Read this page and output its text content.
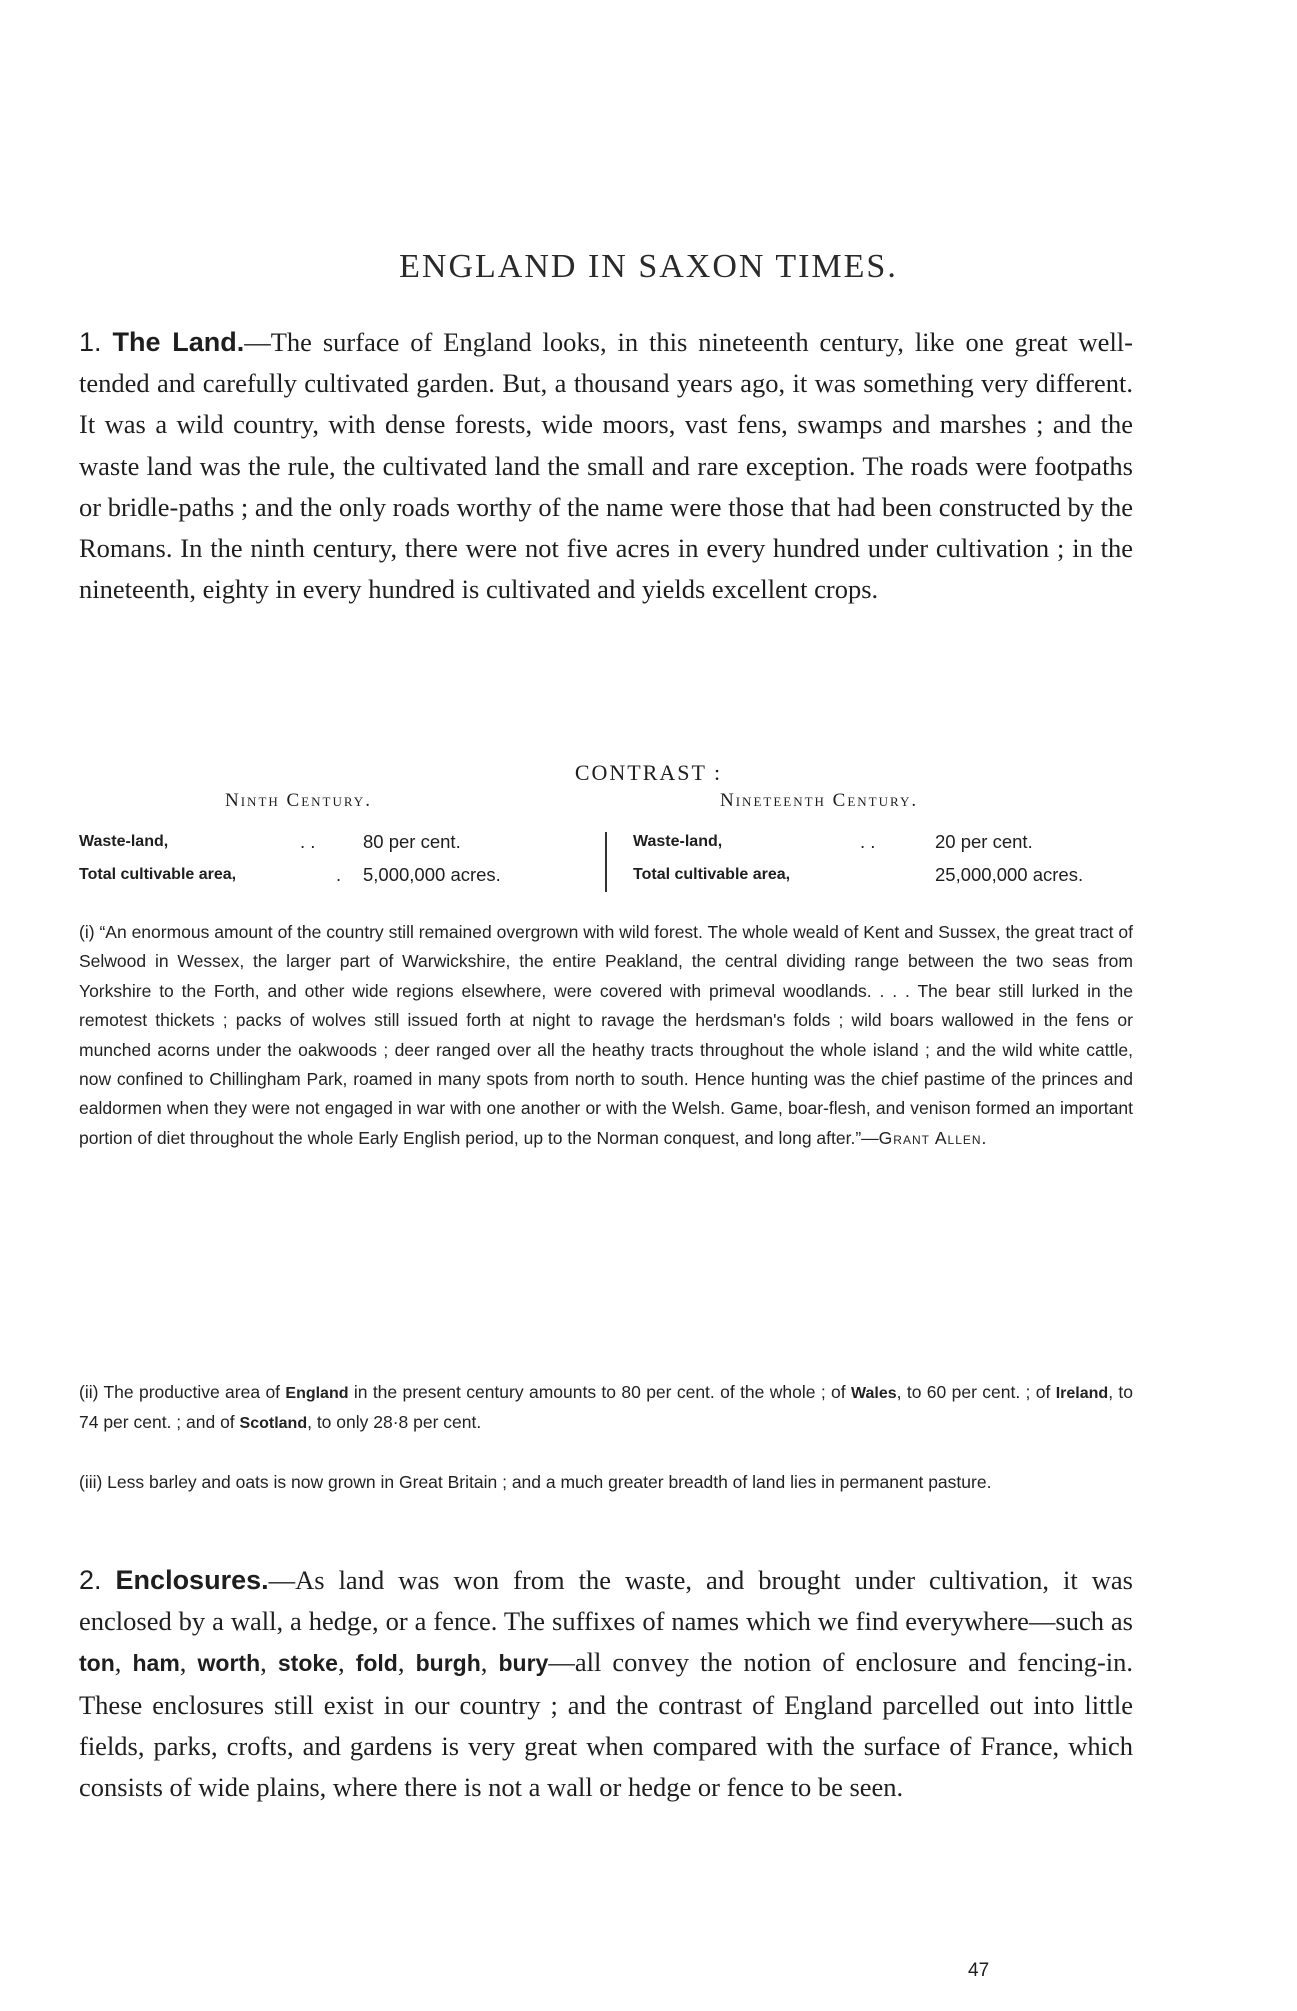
ENGLAND IN SAXON TIMES.

1. The Land.—The surface of England looks, in this nineteenth century, like one great well-tended and carefully cultivated garden. But, a thousand years ago, it was something very different. It was a wild country, with dense forests, wide moors, vast fens, swamps and marshes ; and the waste land was the rule, the cultivated land the small and rare exception. The roads were footpaths or bridle-paths ; and the only roads worthy of the name were those that had been constructed by the Romans. In the ninth century, there were not five acres in every hundred under cultivation ; in the nineteenth, eighty in every hundred is cultivated and yields excellent crops.

CONTRAST :
Ninth Century.	Nineteenth Century.
Waste-land,	. .	80 per cent.
Total cultivable area,	. 5,000,000 acres.
Waste-land,	. .	20 per cent.
Total cultivable area,	25,000,000 acres.

(i) “An enormous amount of the country still remained overgrown with wild forest. The whole weald of Kent and Sussex, the great tract of Selwood in Wessex, the larger part of Warwickshire, the entire Peakland, the central dividing range between the two seas from Yorkshire to the Forth, and other wide regions elsewhere, were covered with primeval woodlands. . . . The bear still lurked in the remotest thickets ; packs of wolves still issued forth at night to ravage the herdsman's folds ; wild boars wallowed in the fens or munched acorns under the oakwoods ; deer ranged over all the heathy tracts throughout the whole island ; and the wild white cattle, now confined to Chillingham Park, roamed in many spots from north to south. Hence hunting was the chief pastime of the princes and ealdormen when they were not engaged in war with one another or with the Welsh. Game, boar-flesh, and venison formed an important portion of diet throughout the whole Early English period, up to the Norman conquest, and long after.”—Grant Allen.

(ii) The productive area of England in the present century amounts to 80 per cent. of the whole ; of Wales, to 60 per cent. ; of Ireland, to 74 per cent. ; and of Scotland, to only 28·8 per cent.

(iii) Less barley and oats is now grown in Great Britain ; and a much greater breadth of land lies in permanent pasture.

2. Enclosures.—As land was won from the waste, and brought under cultivation, it was enclosed by a wall, a hedge, or a fence. The suffixes of names which we find everywhere—such as ton, ham, worth, stoke, fold, burgh, bury—all convey the notion of enclosure and fencing-in. These enclosures still exist in our country ; and the contrast of England parcelled out into little fields, parks, crofts, and gardens is very great when compared with the surface of France, which consists of wide plains, where there is not a wall or hedge or fence to be seen.

47
